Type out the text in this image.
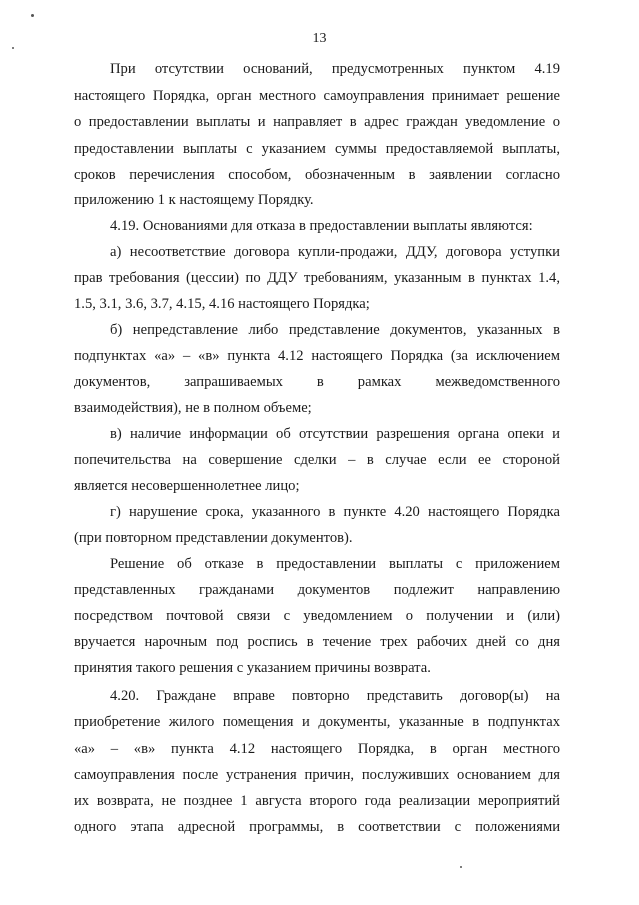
13
При отсутствии оснований, предусмотренных пунктом 4.19
настоящего Порядка, орган местного самоуправления принимает решение
о предоставлении выплаты и направляет в адрес граждан уведомление о
предоставлении выплаты с указанием суммы предоставляемой выплаты,
сроков перечисления способом, обозначенным в заявлении согласно
приложению 1 к настоящему Порядку.
4.19. Основаниями для отказа в предоставлении выплаты являются:
а) несоответствие договора купли-продажи, ДДУ, договора уступки
прав требования (цессии) по ДДУ требованиям, указанным в пунктах 1.4,
1.5, 3.1, 3.6, 3.7, 4.15, 4.16 настоящего Порядка;
б) непредставление либо представление документов, указанных в
подпунктах «а» – «в» пункта 4.12 настоящего Порядка (за исключением
документов, запрашиваемых в рамках межведомственного
взаимодействия), не в полном объеме;
в) наличие информации об отсутствии разрешения органа опеки и
попечительства на совершение сделки – в случае если ее стороной
является несовершеннолетнее лицо;
г) нарушение срока, указанного в пункте 4.20 настоящего Порядка
(при повторном представлении документов).
Решение об отказе в предоставлении выплаты с приложением
представленных гражданами документов подлежит направлению
посредством почтовой связи с уведомлением о получении и (или)
вручается нарочным под роспись в течение трех рабочих дней со дня
принятия такого решения с указанием причины возврата.
4.20. Граждане вправе повторно представить договор(ы) на
приобретение жилого помещения и документы, указанные в подпунктах
«а» – «в» пункта 4.12 настоящего Порядка, в орган местного
самоуправления после устранения причин, послуживших основанием для
их возврата, не позднее 1 августа второго года реализации мероприятий
одного этапа адресной программы, в соответствии с положениями
